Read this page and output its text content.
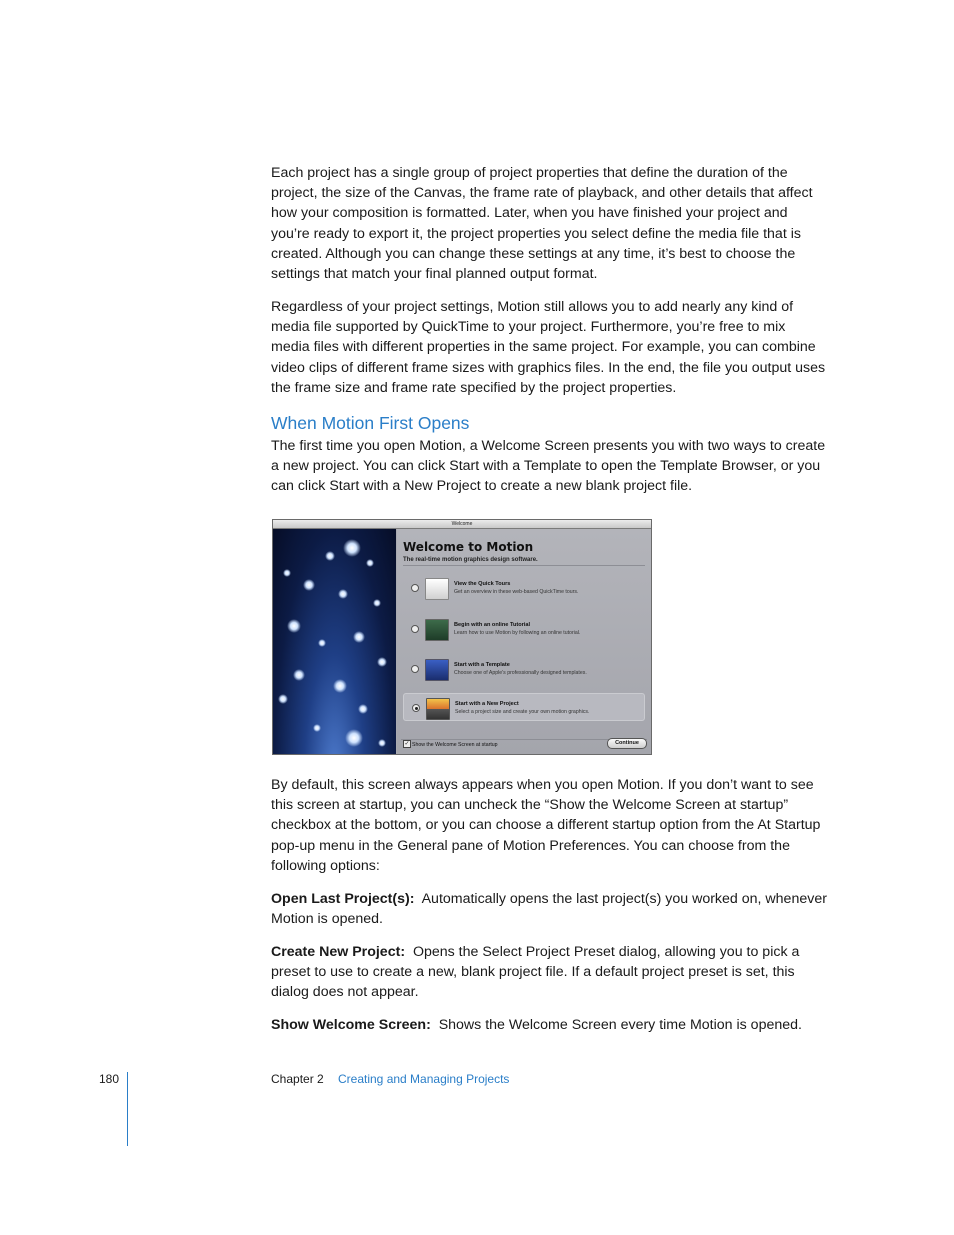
Each project has a single group of project properties that define the duration of the project, the size of the Canvas, the frame rate of playback, and other details that affect how your composition is formatted. Later, when you have finished your project and you’re ready to export it, the project properties you select define the media file that is created. Although you can change these settings at any time, it’s best to choose the settings that match your final planned output format.

Regardless of your project settings, Motion still allows you to add nearly any kind of media file supported by QuickTime to your project. Furthermore, you’re free to mix media files with different properties in the same project. For example, you can combine video clips of different frame sizes with graphics files. In the end, the file you output uses the frame size and frame rate specified by the project properties.

When Motion First Opens

The first time you open Motion, a Welcome Screen presents you with two ways to create a new project. You can click Start with a Template to open the Template Browser, or you can click Start with a New Project to create a new blank project file.

Welcome
Welcome to Motion
The real-time motion graphics design software.
View the Quick Tours
Get an overview in these web-based QuickTime tours.
Begin with an online Tutorial
Learn how to use Motion by following an online tutorial.
Start with a Template
Choose one of Apple's professionally designed templates.
Start with a New Project
Select a project size and create your own motion graphics.
✓ Show the Welcome Screen at startup	Continue

By default, this screen always appears when you open Motion. If you don’t want to see this screen at startup, you can uncheck the “Show the Welcome Screen at startup” checkbox at the bottom, or you can choose a different startup option from the At Startup pop-up menu in the General pane of Motion Preferences. You can choose from the following options:

Open Last Project(s): Automatically opens the last project(s) you worked on, whenever Motion is opened.

Create New Project: Opens the Select Project Preset dialog, allowing you to pick a preset to use to create a new, blank project file. If a default project preset is set, this dialog does not appear.

Show Welcome Screen: Shows the Welcome Screen every time Motion is opened.

180	Chapter 2 Creating and Managing Projects
